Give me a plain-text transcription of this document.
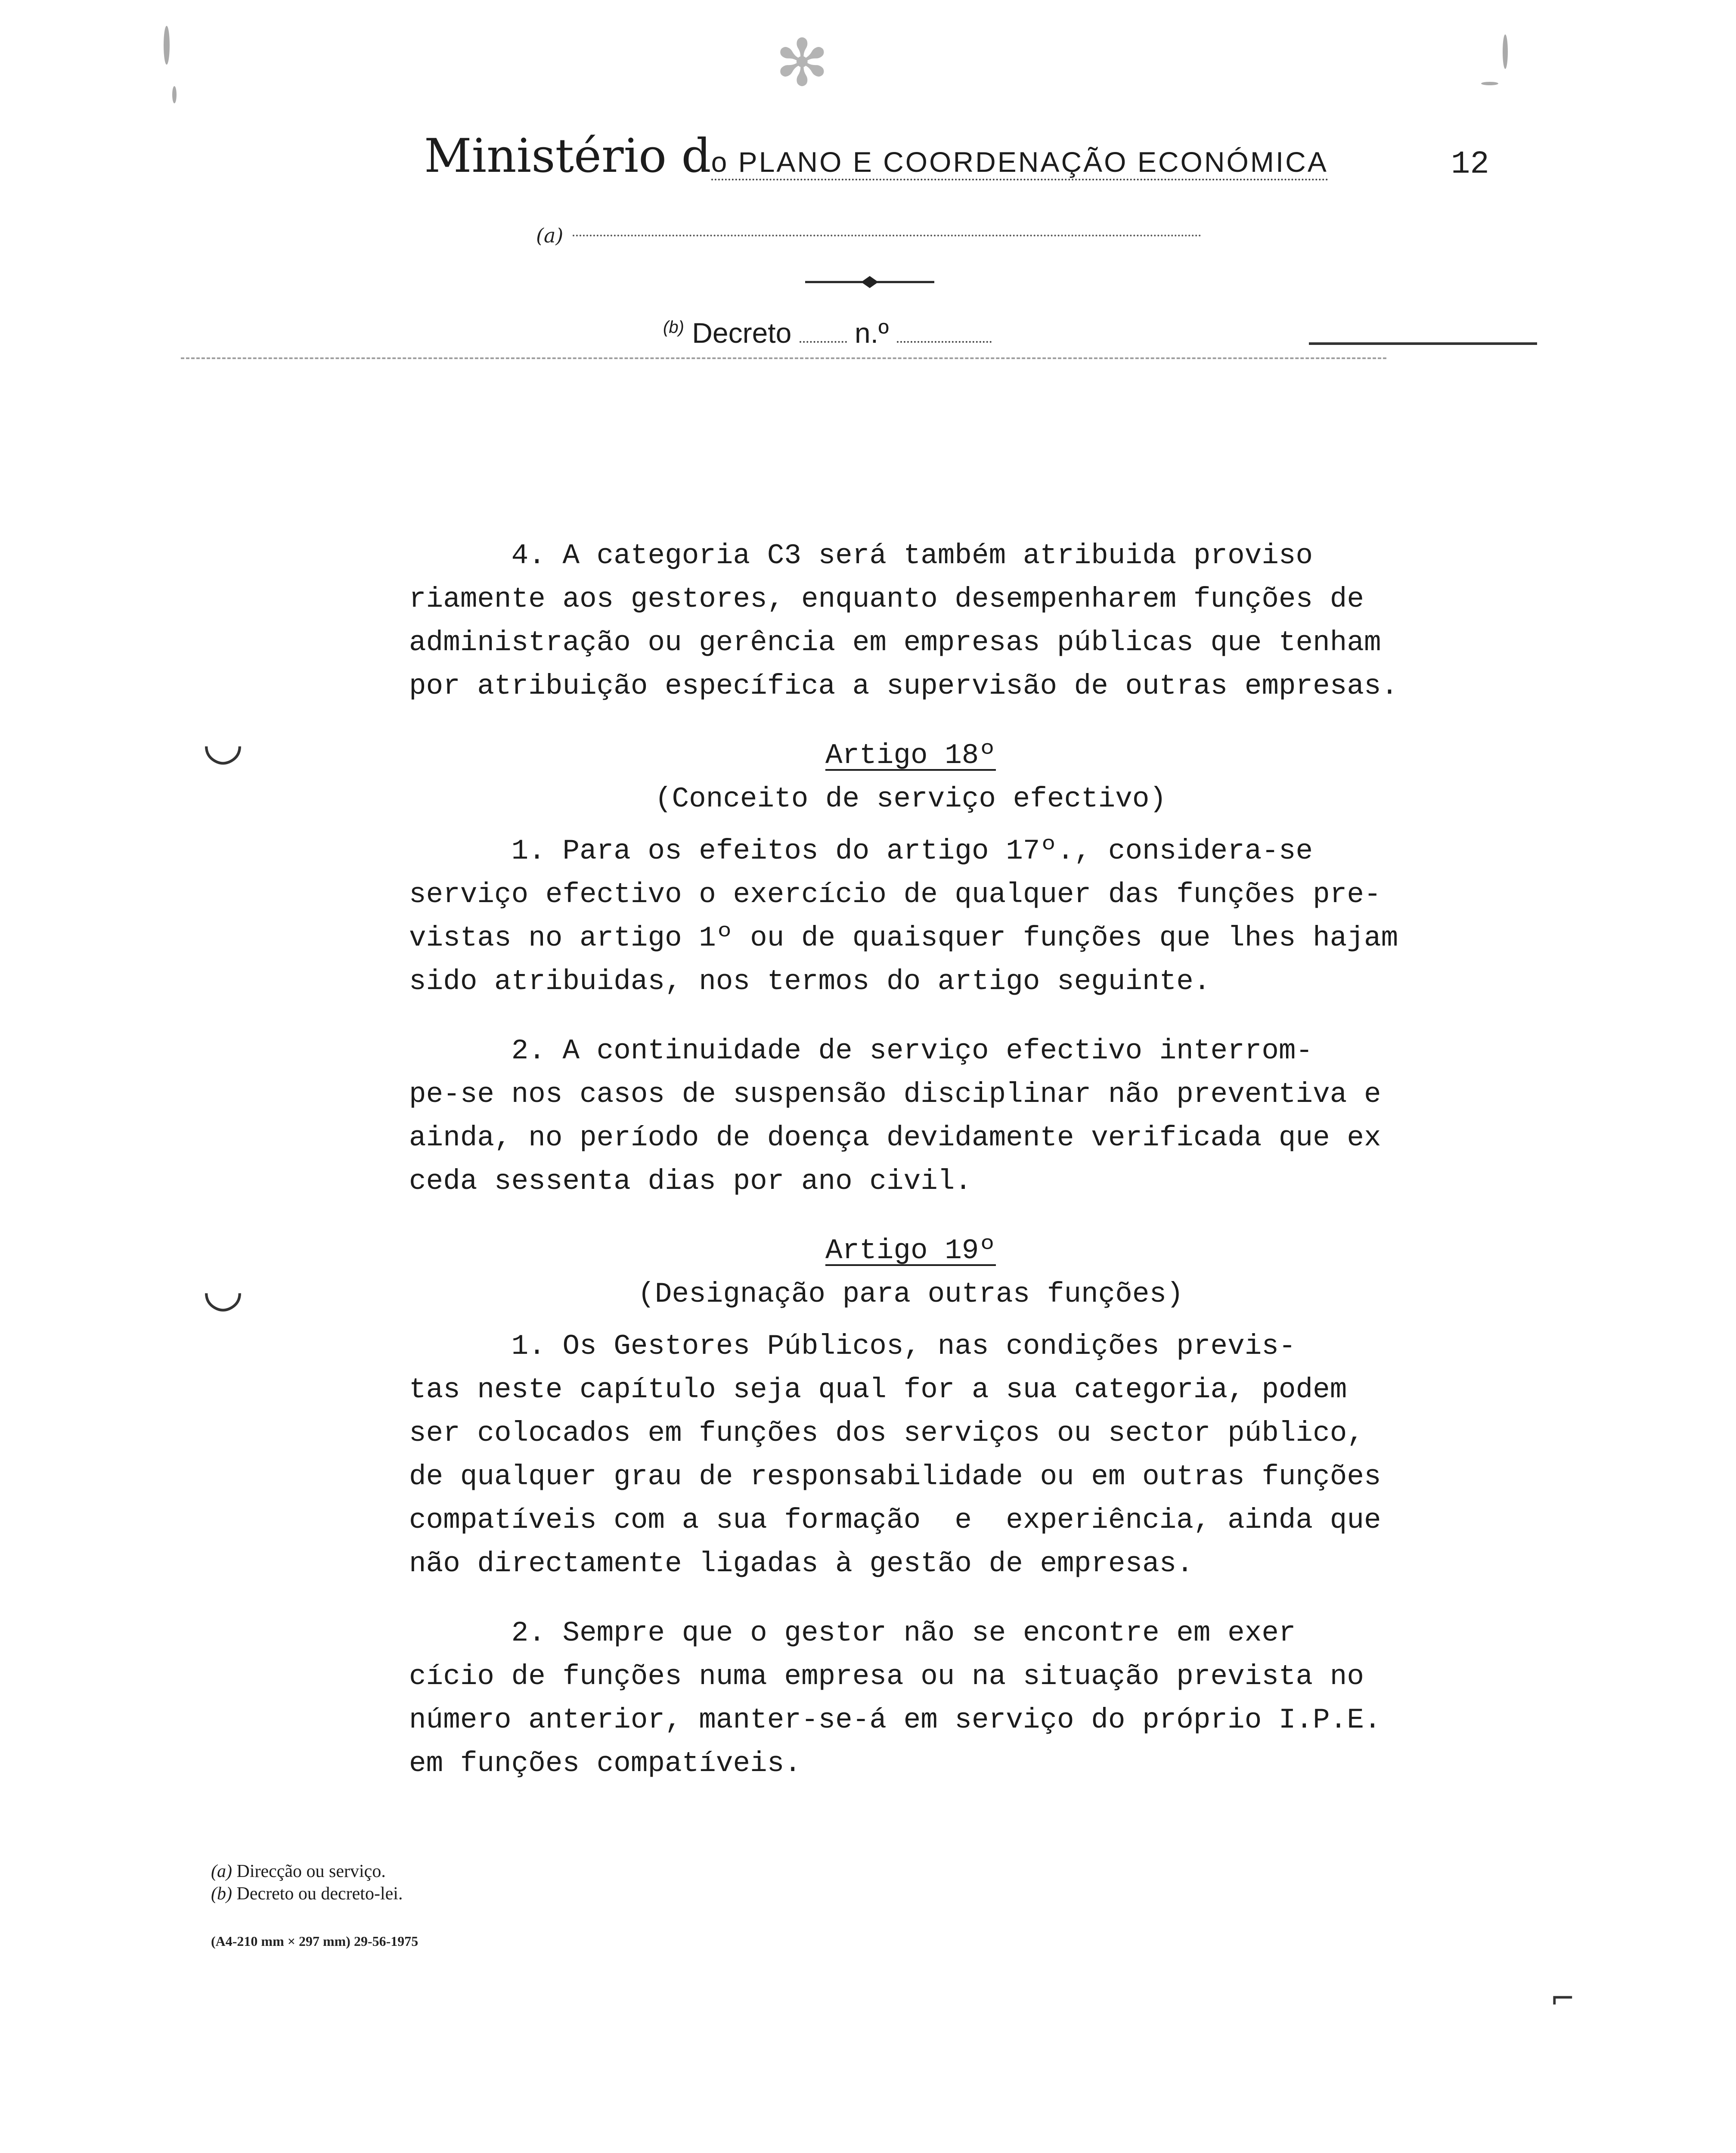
✻
Ministério do PLANO E COORDENAÇÃO ECONÓMICA	12
(a)
$^{(b)}$ Decreto n.º

4. A categoria C3 será também atribuida proviso
riamente aos gestores, enquanto desempenharem funções de
administração ou gerência em empresas públicas que tenham
por atribuição específica a supervisão de outras empresas.

Artigo 18º

(Conceito de serviço efectivo)

1. Para os efeitos do artigo 17º., considera-se
serviço efectivo o exercício de qualquer das funções pre-
vistas no artigo 1º ou de quaisquer funções que lhes hajam
sido atribuidas, nos termos do artigo seguinte.

2. A continuidade de serviço efectivo interrom-
pe-se nos casos de suspensão disciplinar não preventiva e
ainda, no período de doença devidamente verificada que ex
ceda sessenta dias por ano civil.

Artigo 19º

(Designação para outras funções)

1. Os Gestores Públicos, nas condições previs-
tas neste capítulo seja qual for a sua categoria, podem
ser colocados em funções dos serviços ou sector público,
de qualquer grau de responsabilidade ou em outras funções
compatíveis com a sua formação  e  experiência, ainda que
não directamente ligadas à gestão de empresas.

2. Sempre que o gestor não se encontre em exer
cício de funções numa empresa ou na situação prevista no
número anterior, manter-se-á em serviço do próprio I.P.E.
em funções compatíveis.

◡
◡
(a) Direcção ou serviço.
(b) Decreto ou decreto-lei.
(A4-210 mm × 297 mm) 29-56-1975
⌐
